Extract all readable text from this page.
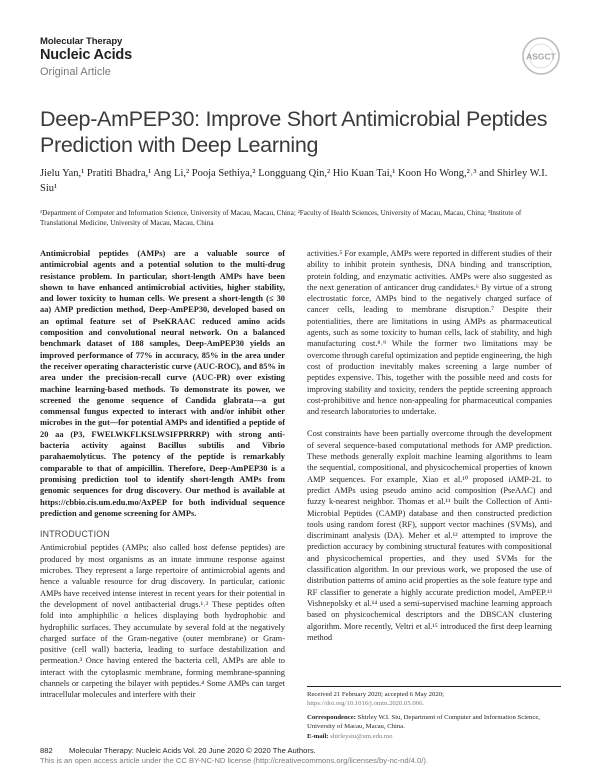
Molecular Therapy
Nucleic Acids
Original Article
ASGCT
Deep-AmPEP30: Improve Short Antimicrobial Peptides Prediction with Deep Learning
Jielu Yan,¹ Pratiti Bhadra,¹ Ang Li,² Pooja Sethiya,² Longguang Qin,² Hio Kuan Tai,¹ Koon Ho Wong,²˒³ and Shirley W.I. Siu¹
¹Department of Computer and Information Science, University of Macau, Macau, China; ²Faculty of Health Sciences, University of Macau, Macau, China; ³Institute of Translational Medicine, University of Macau, Macau, China

Antimicrobial peptides (AMPs) are a valuable source of antimicrobial agents and a potential solution to the multi-drug resistance problem. In particular, short-length AMPs have been shown to have enhanced antimicrobial activities, higher stability, and lower toxicity to human cells. We present a short-length (≤ 30 aa) AMP prediction method, Deep-AmPEP30, developed based on an optimal feature set of PseKRAAC reduced amino acids composition and convolutional neural network. On a balanced benchmark dataset of 188 samples, Deep-AmPEP30 yields an improved performance of 77% in accuracy, 85% in the area under the receiver operating characteristic curve (AUC-ROC), and 85% in area under the precision-recall curve (AUC-PR) over existing machine learning-based methods. To demonstrate its power, we screened the genome sequence of Candida glabrata—a gut commensal fungus expected to interact with and/or inhibit other microbes in the gut—for potential AMPs and identified a peptide of 20 aa (P3, FWELWKFLKSLWSIFPRRRP) with strong anti-bacteria activity against Bacillus subtilis and Vibrio parahaemolyticus. The potency of the peptide is remarkably comparable to that of ampicillin. Therefore, Deep-AmPEP30 is a promising prediction tool to identify short-length AMPs from genomic sequences for drug discovery. Our method is available at https://cbbio.cis.um.edu.mo/AxPEP for both individual sequence prediction and genome screening for AMPs.

INTRODUCTION

Antimicrobial peptides (AMPs; also called host defense peptides) are produced by most organisms as an innate immune response against microbes. They represent a large repertoire of antimicrobial agents and hence a valuable resource for drug discovery. In particular, cationic AMPs have received intense interest in recent years for their potential in the development of novel antibacterial drugs.¹˒² These peptides often fold into amphiphilic α helices displaying both hydrophobic and hydrophilic surfaces. They accumulate by several fold at the negatively charged surface of the Gram-negative (outer membrane) or Gram-positive (cell wall) bacteria, leading to surface destabilization and permeation.³ Once having entered the bacteria cell, AMPs are able to interact with the cytoplasmic membrane, forming membrane-spanning channels or carpeting the bilayer with peptides.⁴ Some AMPs can target intracellular molecules and interfere with their

activities.⁵ For example, AMPs were reported in different studies of their ability to inhibit protein synthesis, DNA binding and transcription, protein folding, and enzymatic activities. AMPs were also suggested as the next generation of anticancer drug candidates.⁶ By virtue of a strong electrostatic force, AMPs bind to the negatively charged surface of cancer cells, leading to membrane disruption.⁷ Despite their potentialities, there are limitations in using AMPs as pharmaceutical agents, such as some toxicity to human cells, lack of stability, and high manufacturing cost.⁸˒⁹ While the former two limitations may be overcome through careful optimization and peptide engineering, the high cost of production inevitably makes screening a large number of peptides expensive. This, together with the possible need and costs for improving stability and toxicity, renders the peptide screening approach cost-prohibitive and hence non-appealing for pharmaceutical companies and research laboratories to undertake.

Cost constraints have been partially overcome through the development of several sequence-based computational methods for AMP prediction. These methods generally exploit machine learning algorithms to learn the sequential, compositional, and physicochemical properties of known AMP sequences. For example, Xiao et al.¹⁰ proposed iAMP-2L to predict AMPs using pseudo amino acid composition (PseAAC) and fuzzy k-nearest neighbor. Thomas et al.¹¹ built the Collection of Anti-Microbial Peptides (CAMP) database and then constructed prediction tools using random forest (RF), support vector machines (SVMs), and discriminant analysis (DA). Meher et al.¹² attempted to improve the prediction accuracy by combining structural features with compositional and physicochemical properties, and they used SVMs for the classification algorithm. In our previous work, we proposed the use of distribution patterns of amino acid properties as the sole feature type and RF classifier to generate a highly accurate prediction model, AmPEP.¹³ Vishnepolsky et al.¹⁴ used a semi-supervised machine learning approach based on physicochemical descriptors and the DBSCAN clustering algorithm. More recently, Veltri et al.¹⁵ introduced the first deep learning method

Received 21 February 2020; accepted 6 May 2020;
https://doi.org/10.1016/j.omtn.2020.05.006.
Correspondence: Shirley W.I. Siu, Department of Computer and Information Science, University of Macau, Macau, China.
E-mail: shirleysiu@um.edu.mo
882 Molecular Therapy: Nucleic Acids Vol. 20 June 2020 © 2020 The Authors.
This is an open access article under the CC BY-NC-ND license (http://creativecommons.org/licenses/by-nc-nd/4.0/).
